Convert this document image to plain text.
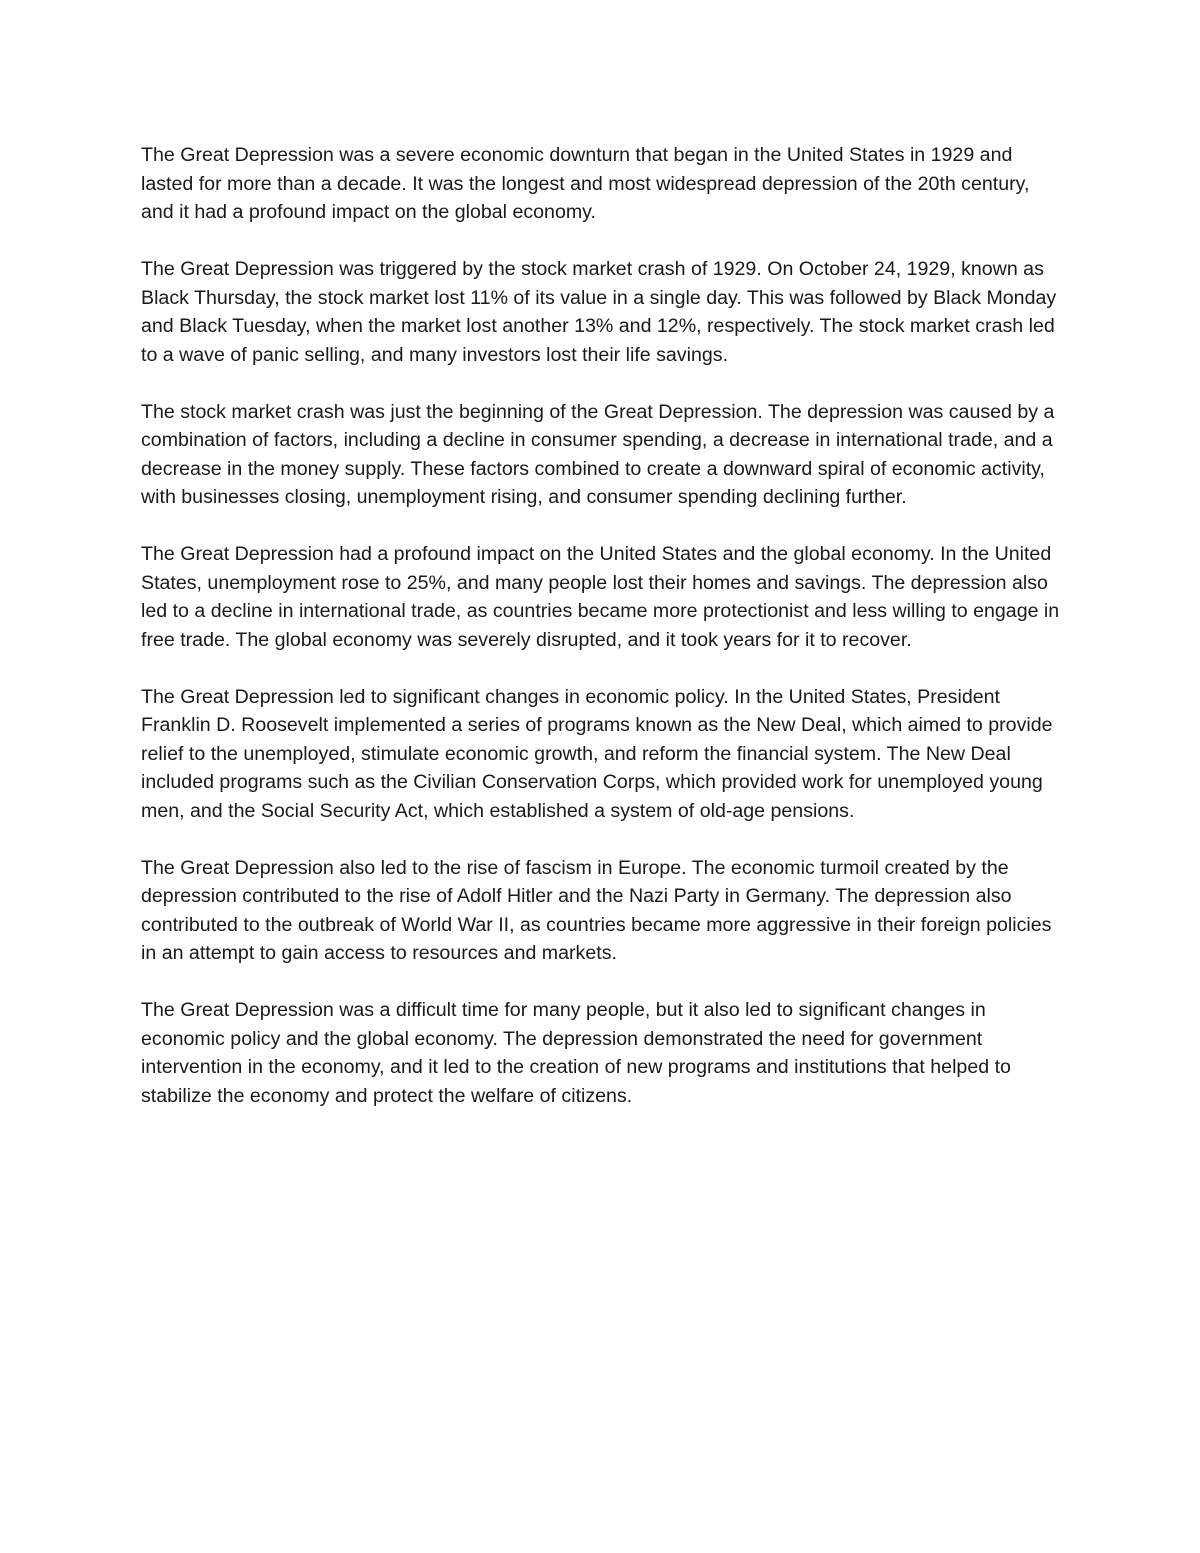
The Great Depression was a severe economic downturn that began in the United States in 1929 and lasted for more than a decade. It was the longest and most widespread depression of the 20th century, and it had a profound impact on the global economy.

The Great Depression was triggered by the stock market crash of 1929. On October 24, 1929, known as Black Thursday, the stock market lost 11% of its value in a single day. This was followed by Black Monday and Black Tuesday, when the market lost another 13% and 12%, respectively. The stock market crash led to a wave of panic selling, and many investors lost their life savings.

The stock market crash was just the beginning of the Great Depression. The depression was caused by a combination of factors, including a decline in consumer spending, a decrease in international trade, and a decrease in the money supply. These factors combined to create a downward spiral of economic activity, with businesses closing, unemployment rising, and consumer spending declining further.

The Great Depression had a profound impact on the United States and the global economy. In the United States, unemployment rose to 25%, and many people lost their homes and savings. The depression also led to a decline in international trade, as countries became more protectionist and less willing to engage in free trade. The global economy was severely disrupted, and it took years for it to recover.

The Great Depression led to significant changes in economic policy. In the United States, President Franklin D. Roosevelt implemented a series of programs known as the New Deal, which aimed to provide relief to the unemployed, stimulate economic growth, and reform the financial system. The New Deal included programs such as the Civilian Conservation Corps, which provided work for unemployed young men, and the Social Security Act, which established a system of old-age pensions.

The Great Depression also led to the rise of fascism in Europe. The economic turmoil created by the depression contributed to the rise of Adolf Hitler and the Nazi Party in Germany. The depression also contributed to the outbreak of World War II, as countries became more aggressive in their foreign policies in an attempt to gain access to resources and markets.

The Great Depression was a difficult time for many people, but it also led to significant changes in economic policy and the global economy. The depression demonstrated the need for government intervention in the economy, and it led to the creation of new programs and institutions that helped to stabilize the economy and protect the welfare of citizens.
